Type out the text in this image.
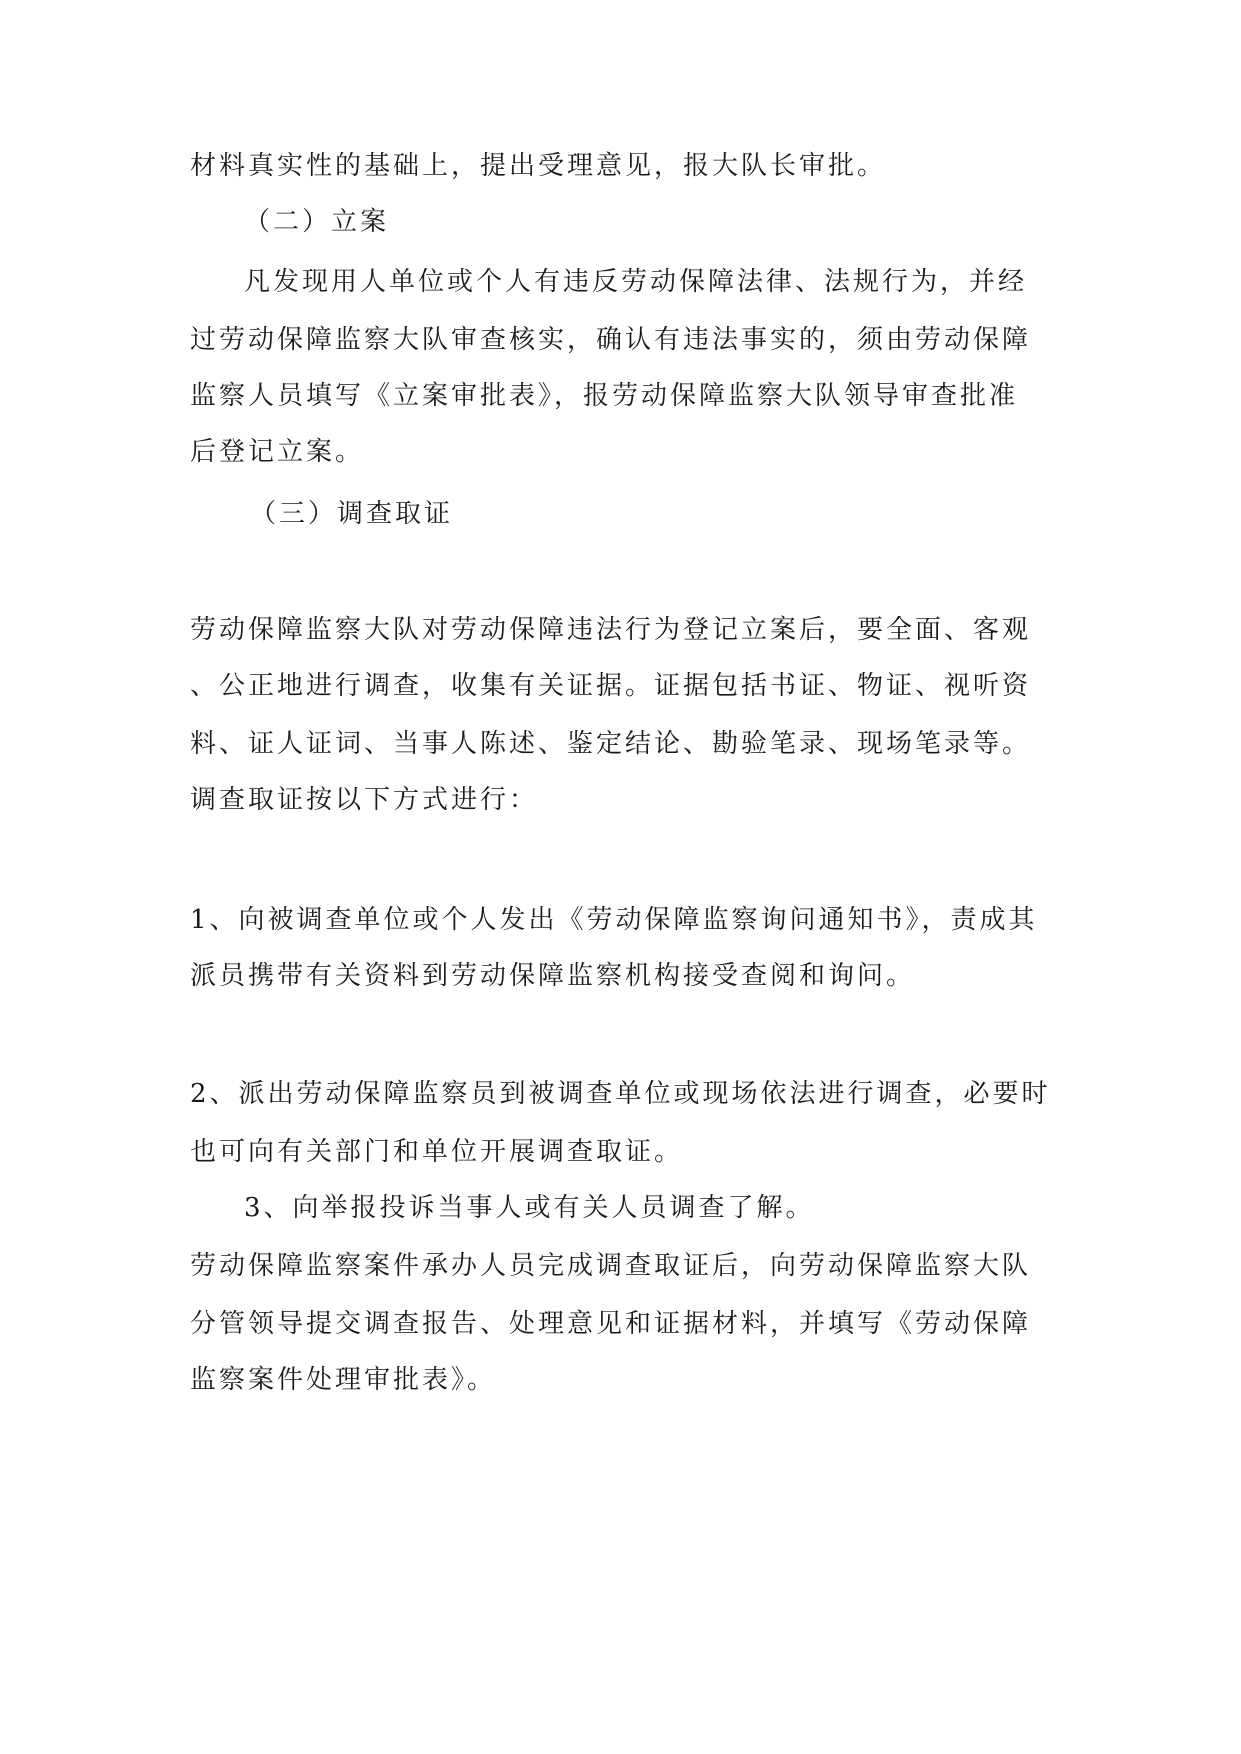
材料真实性的基础上，提出受理意见，报大队长审批。
（二）立案
凡发现用人单位或个人有违反劳动保障法律、法规行为，并经
过劳动保障监察大队审查核实，确认有违法事实的，须由劳动保障
监察人员填写《立案审批表》，报劳动保障监察大队领导审查批准
后登记立案。
（三）调查取证
劳动保障监察大队对劳动保障违法行为登记立案后，要全面、客观
、公正地进行调查，收集有关证据。证据包括书证、物证、视听资
料、证人证词、当事人陈述、鉴定结论、勘验笔录、现场笔录等。
调查取证按以下方式进行：
1、向被调查单位或个人发出《劳动保障监察询问通知书》，责成其
派员携带有关资料到劳动保障监察机构接受查阅和询问。
2、派出劳动保障监察员到被调查单位或现场依法进行调查，必要时
也可向有关部门和单位开展调查取证。
3、向举报投诉当事人或有关人员调查了解。
劳动保障监察案件承办人员完成调查取证后，向劳动保障监察大队
分管领导提交调查报告、处理意见和证据材料，并填写《劳动保障
监察案件处理审批表》。
